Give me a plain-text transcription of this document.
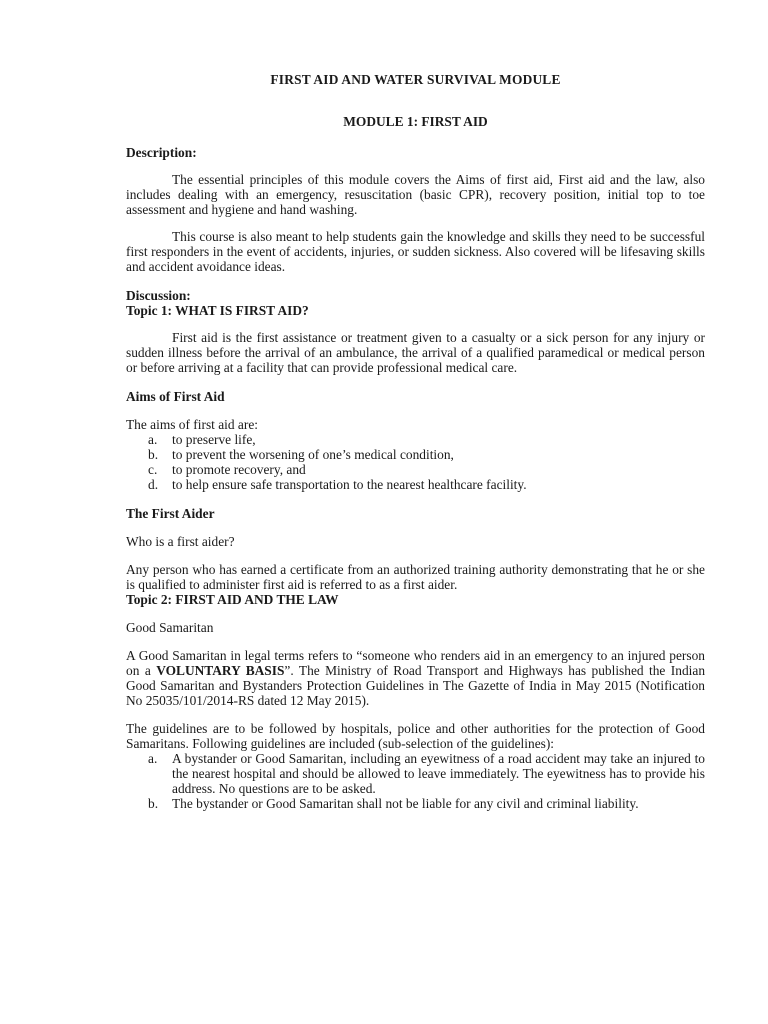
FIRST AID AND WATER SURVIVAL MODULE

MODULE 1: FIRST AID

Description:

The essential principles of this module covers the Aims of first aid, First aid and the law, also includes dealing with an emergency, resuscitation (basic CPR), recovery position, initial top to toe assessment and hygiene and hand washing.

This course is also meant to help students gain the knowledge and skills they need to be successful first responders in the event of accidents, injuries, or sudden sickness. Also covered will be lifesaving skills and accident avoidance ideas.

Discussion:

Topic 1: WHAT IS FIRST AID?

First aid is the first assistance or treatment given to a casualty or a sick person for any injury or sudden illness before the arrival of an ambulance, the arrival of a qualified paramedical or medical person or before arriving at a facility that can provide professional medical care.

Aims of First Aid

The aims of first aid are:

a. to preserve life,
b. to prevent the worsening of one’s medical condition,
c. to promote recovery, and
d. to help ensure safe transportation to the nearest healthcare facility.

The First Aider

Who is a first aider?

Any person who has earned a certificate from an authorized training authority demonstrating that he or she is qualified to administer first aid is referred to as a first aider.

Topic 2: FIRST AID AND THE LAW

Good Samaritan

A Good Samaritan in legal terms refers to “someone who renders aid in an emergency to an injured person on a VOLUNTARY BASIS”. The Ministry of Road Transport and Highways has published the Indian Good Samaritan and Bystanders Protection Guidelines in The Gazette of India in May 2015 (Notification No 25035/101/2014-RS dated 12 May 2015).

The guidelines are to be followed by hospitals, police and other authorities for the protection of Good Samaritans. Following guidelines are included (sub-selection of the guidelines):

a. A bystander or Good Samaritan, including an eyewitness of a road accident may take an injured to the nearest hospital and should be allowed to leave immediately. The eyewitness has to provide his address. No questions are to be asked.
b. The bystander or Good Samaritan shall not be liable for any civil and criminal liability.
